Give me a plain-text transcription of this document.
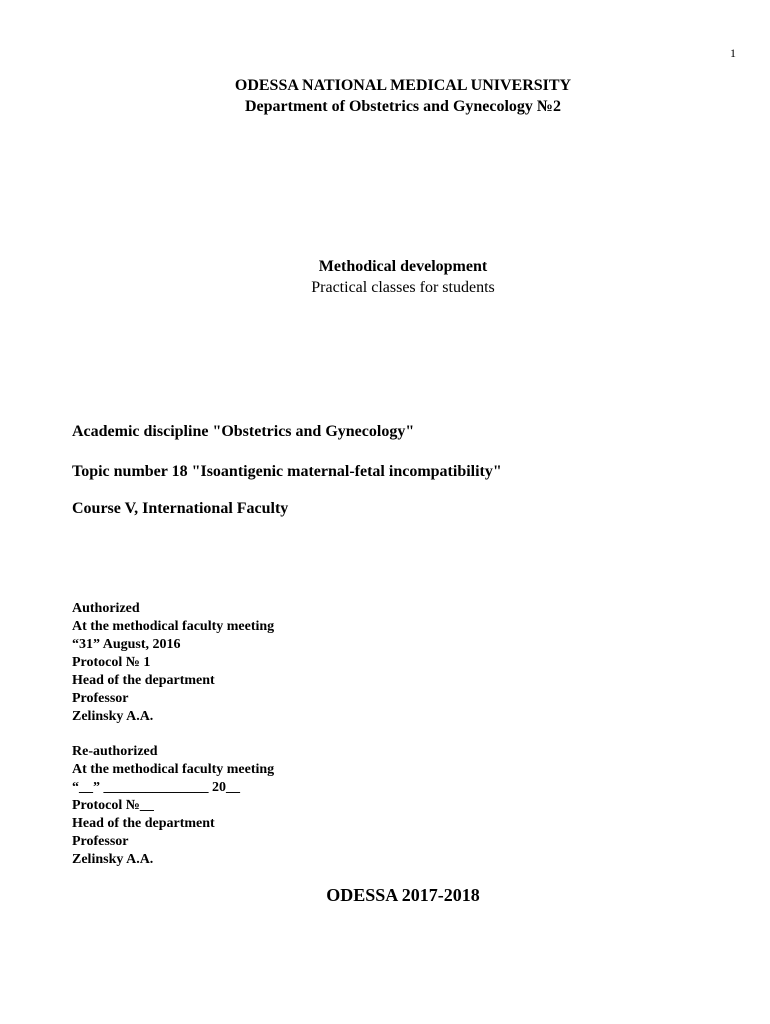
1
ODESSA NATIONAL MEDICAL UNIVERSITY
Department of Obstetrics and Gynecology №2
Methodical development
Practical classes for students
Academic discipline "Obstetrics and Gynecology"
Topic number 18 "Isoantigenic maternal-fetal incompatibility"
Course V, International Faculty
Authorized
At the methodical faculty meeting
“31” August, 2016
Protocol № 1
Head of the department
Professor
Zelinsky A.A.
Re-authorized
At the methodical faculty meeting
“__” _______________ 20__
Protocol №__
Head of the department
Professor
Zelinsky A.A.
ODESSA 2017-2018
